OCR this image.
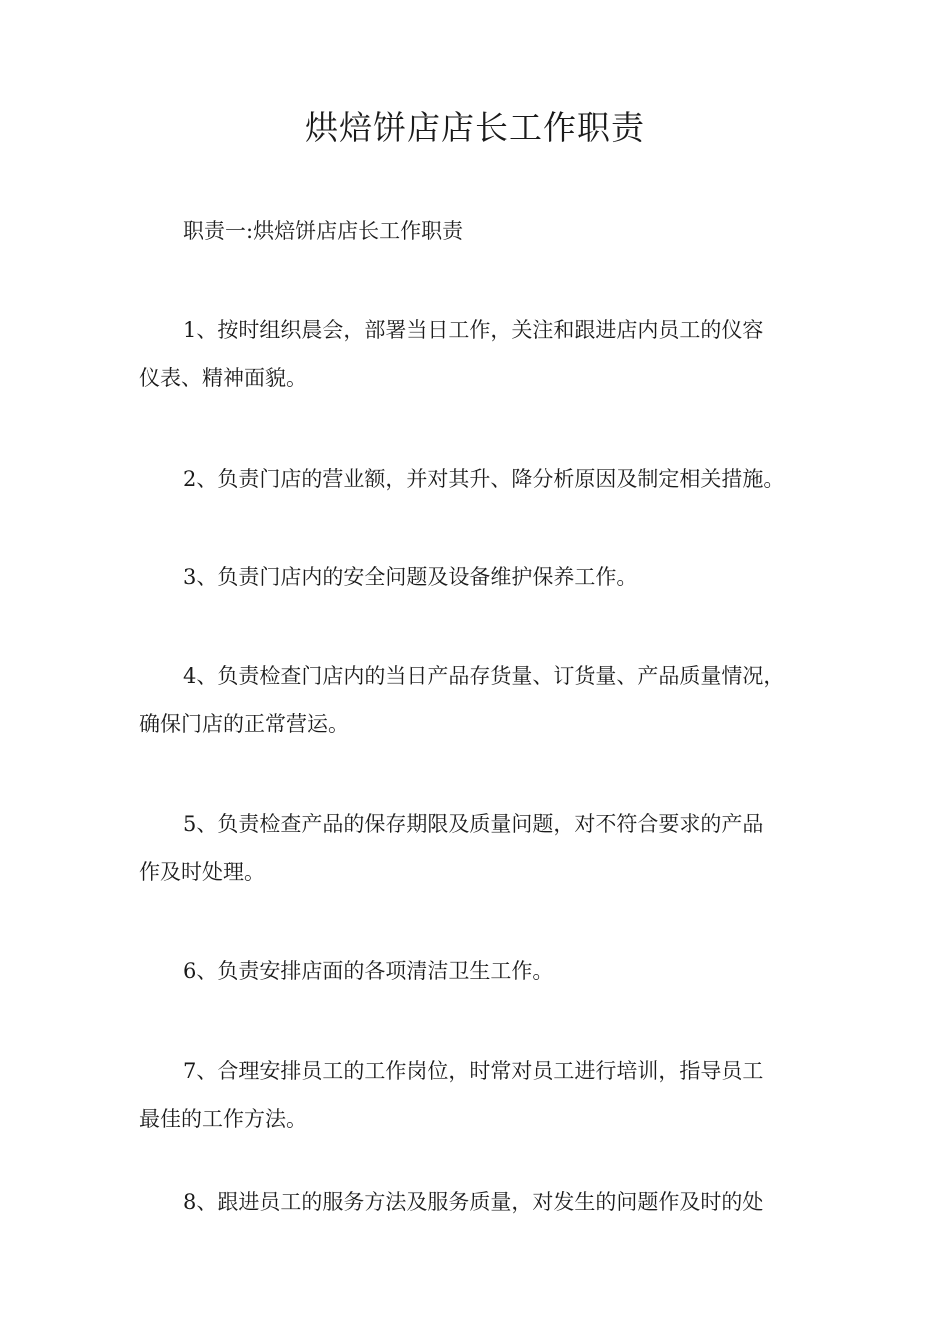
烘焙饼店店长工作职责

职责一:烘焙饼店店长工作职责

1、按时组织晨会，部署当日工作，关注和跟进店内员工的仪容
仪表、精神面貌。

2、负责门店的营业额，并对其升、降分析原因及制定相关措施。

3、负责门店内的安全问题及设备维护保养工作。

4、负责检查门店内的当日产品存货量、订货量、产品质量情况，
确保门店的正常营运。

5、负责检查产品的保存期限及质量问题，对不符合要求的产品
作及时处理。

6、负责安排店面的各项清洁卫生工作。

7、合理安排员工的工作岗位，时常对员工进行培训，指导员工
最佳的工作方法。

8、跟进员工的服务方法及服务质量，对发生的问题作及时的处
